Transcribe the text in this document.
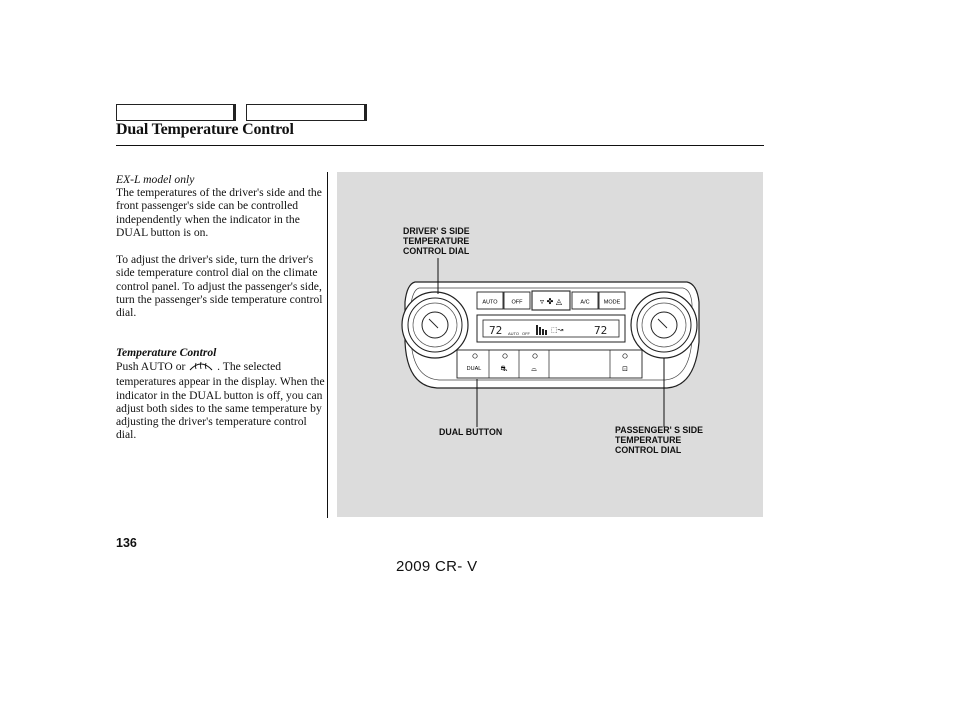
Dual Temperature Control
EX-L model only
The temperatures of the driver's side and the front passenger's side can be controlled independently when the indicator in the DUAL button is on.
To adjust the driver's side, turn the driver's side temperature control dial on the climate control panel. To adjust the passenger's side, turn the passenger's side temperature control dial.
Temperature Control
Push AUTO or	. The selected temperatures appear in the display. When the indicator in the DUAL button is off, you can adjust both sides to the same temperature by adjusting the driver's temperature control dial.
AUTO	OFF ▿ ✤ ◬	A/C	MODE
72 AUTO OFF	⬚↝	72
DUAL ⛐	⌓	⊡
DRIVER' S SIDE TEMPERATURE CONTROL DIAL
DUAL BUTTON	PASSENGER' S SIDE TEMPERATURE CONTROL DIAL
136
2009 CR- V
